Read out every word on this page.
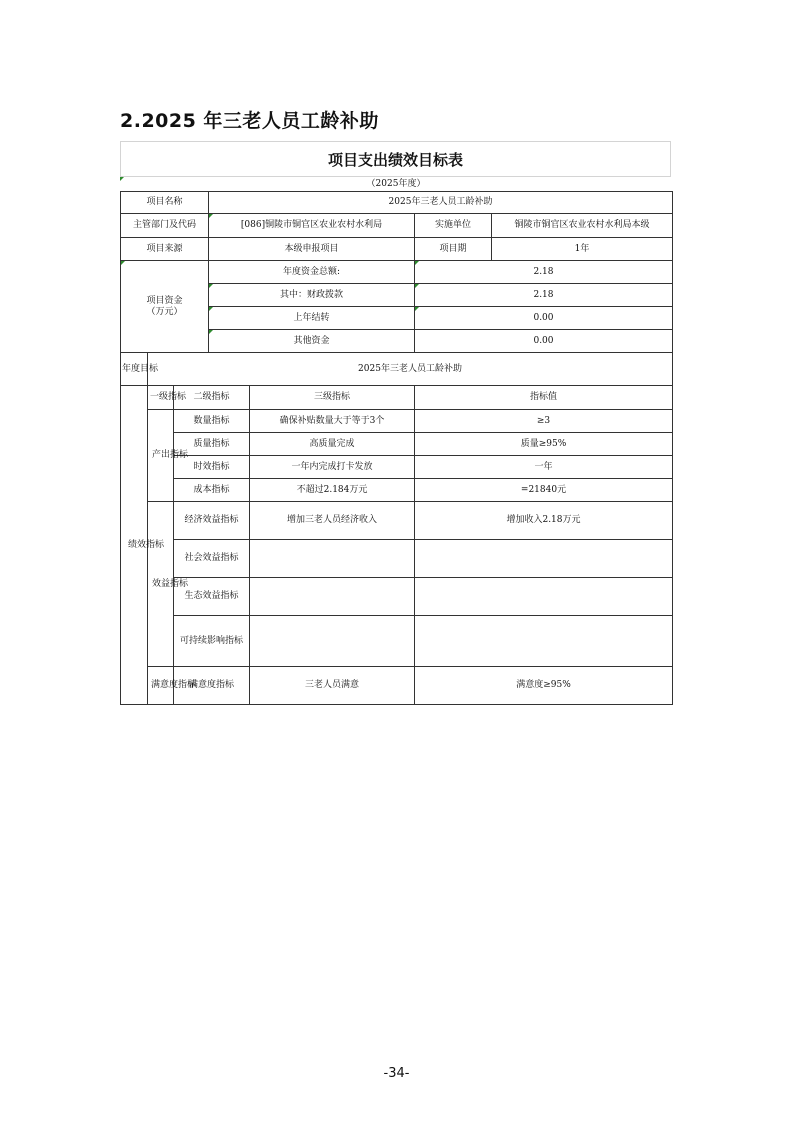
2.2025 年三老人员工龄补助
项目支出绩效目标表
（2025年度）
项目名称			2025年三老人员工龄补助			
主管部门及代码			[086]铜陵市铜官区农业农村水利局		实施单位	铜陵市铜官区农业农村水利局本级
项目来源			本级申报项目		项目期	1年

项目资金
（万元）			年度资金总额:		2.18	
			其中：财政拨款		2.18	
			上年结转		0.00	
			其他资金		0.00	
年度目标	2025年三老人员工龄补助					
绩效指标	一级指标	二级指标		三级指标	指标值	
	产出指标	数量指标		确保补贴数量大于等于3个	≥3	
		质量指标		高质量完成	质量≥95%	
		时效指标		一年内完成打卡发放	一年	
		成本指标		不超过2.184万元	=21840元	
	效益指标	经济效益指标		增加三老人员经济收入	增加收入2.18万元	
		社会效益指标				
		生态效益指标				
		可持续影响指标				
	满意度指标	满意度指标		三老人员满意	满意度≥95%	
-34-
